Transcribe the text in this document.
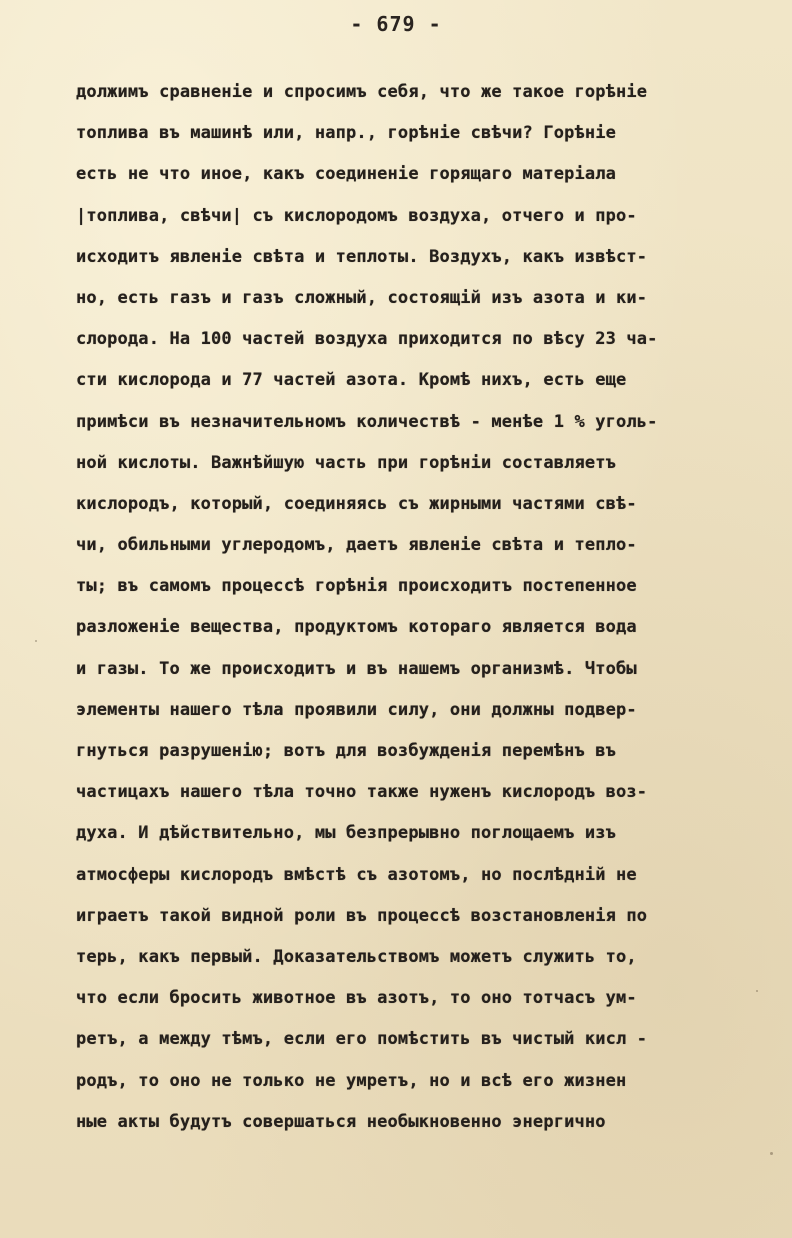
- 679 -
должимъ сравненіе и спросимъ себя, что же такое горѣніе
топлива въ машинѣ или, напр., горѣніе свѣчи? Горѣніе
есть не что иное, какъ соединеніе горящаго матеріала
|топлива, свѣчи| съ кислородомъ воздуха, отчего и про-
исходитъ явленіе свѣта и теплоты. Воздухъ, какъ извѣст-
но, есть газъ и газъ сложный, состоящій изъ азота и ки-
слорода. На 100 частей воздуха приходится по вѣсу 23 ча-
сти кислорода и 77 частей азота. Кромѣ нихъ, есть еще
примѣси въ незначительномъ количествѣ - менѣе 1 % уголь-
ной кислоты. Важнѣйшую часть при горѣніи составляетъ
кислородъ, который, соединяясь съ жирными частями свѣ-
чи, обильными углеродомъ, даетъ явленіе свѣта и тепло-
ты; въ самомъ процессѣ горѣнія происходитъ постепенное
разложеніе вещества, продуктомъ котораго является вода
и газы. То же происходитъ и въ нашемъ организмѣ. Чтобы
элементы нашего тѣла проявили силу, они должны подвер-
гнуться разрушенію; вотъ для возбужденія перемѣнъ въ
частицахъ нашего тѣла точно также нуженъ кислородъ воз-
духа. И дѣйствительно, мы безпрерывно поглощаемъ изъ
атмосферы кислородъ вмѣстѣ съ азотомъ, но послѣдній не
играетъ такой видной роли въ процессѣ возстановленія по
терь, какъ первый. Доказательствомъ можетъ служить то,
что если бросить животное въ азотъ, то оно тотчасъ ум-
ретъ, а между тѣмъ, если его помѣстить въ чистый кисл -
родъ, то оно не только не умретъ, но и всѣ его жизнен
ные акты будутъ совершаться необыкновенно энергично
